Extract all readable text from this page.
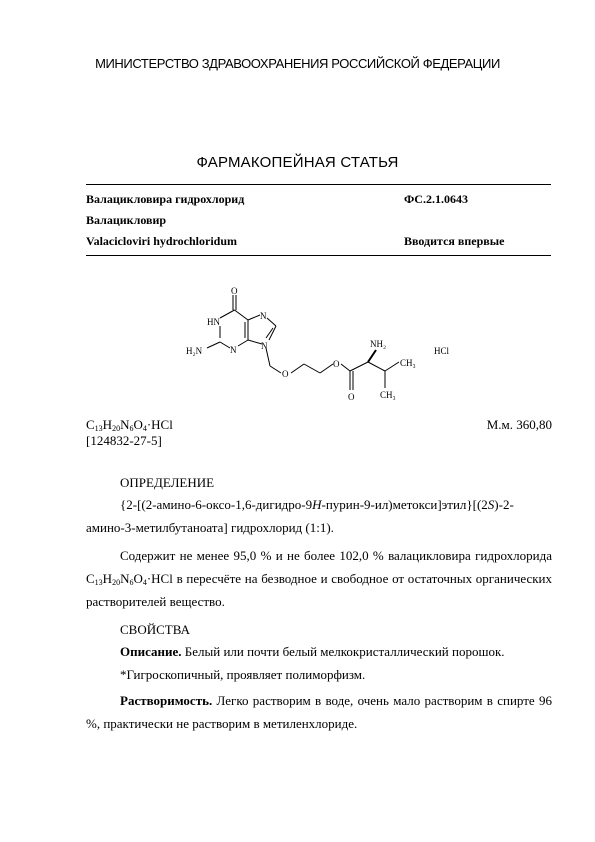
МИНИСТЕРСТВО ЗДРАВООХРАНЕНИЯ РОССИЙСКОЙ ФЕДЕРАЦИИ
ФАРМАКОПЕЙНАЯ СТАТЬЯ
Валацикловира гидрохлорид	ФС.2.1.0643
Валацикловир
Valaciclovіri hydrochloridum	Вводится впервые
O
HN
N
N	N
H₂N
O
O
O
NH₂
HCl
CH₃
CH₃
$C_{13}H_{20}N_6O_4\cdot HCl$
[124832-27-5]
М.м. 360,80
ОПРЕДЕЛЕНИЕ
{2-[(2-амино-6-оксо-1,6-дигидро-9H-пурин-9-ил)метокси]этил}[(2S)-2-амино-3-метилбутаноата] гидрохлорид (1:1).
Содержит не менее 95,0 % и не более 102,0 % валацикловира гидрохлорида $C_{13}H_{20}N_6O_4\cdot HCl$ в пересчёте на безводное и свободное от остаточных органических растворителей вещество.
СВОЙСТВА
Описание. Белый или почти белый мелкокристаллический порошок.
*Гигроскопичный, проявляет полиморфизм.
Растворимость. Легко растворим в воде, очень мало растворим в спирте 96 %, практически не растворим в метиленхлориде.
